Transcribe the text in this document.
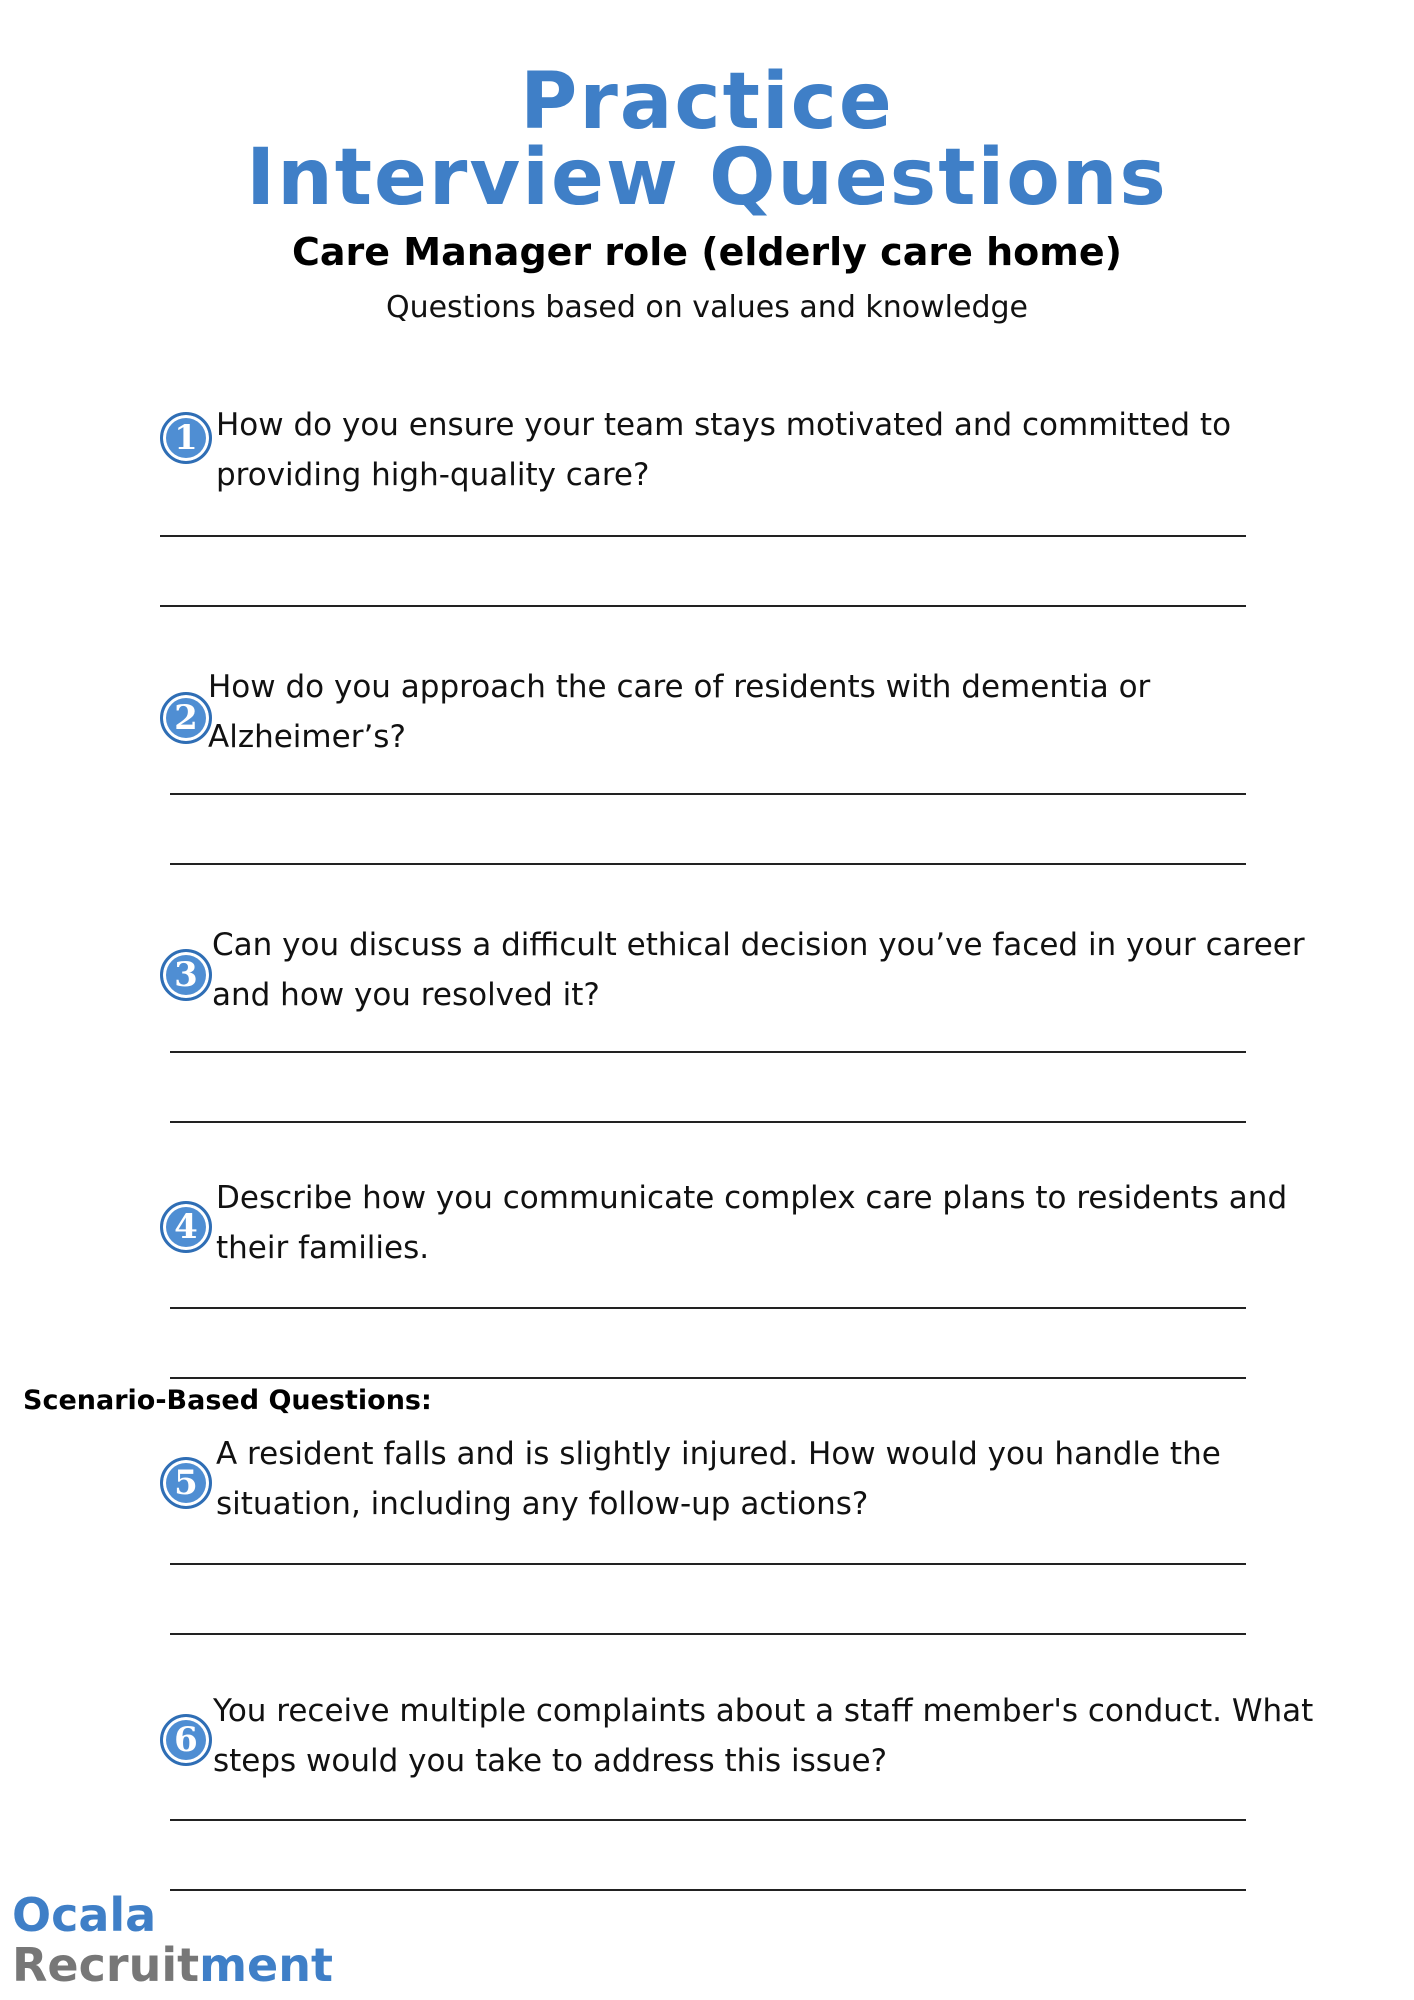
Practice
Interview Questions
Care Manager role (elderly care home)
Questions based on values and knowledge
1 How do you ensure your team stays motivated and committed to providing high-quality care?
2
How do you approach the care of residents with dementia or Alzheimer’s?
3
Can you discuss a difficult ethical decision you’ve faced in your career and how you resolved it?
4
Describe how you communicate complex care plans to residents and their families.
Scenario-Based Questions:
5
A resident falls and is slightly injured. How would you handle the situation, including any follow-up actions?
6
You receive multiple complaints about a staff member's conduct. What steps would you take to address this issue?
Ocala
Recruitment
